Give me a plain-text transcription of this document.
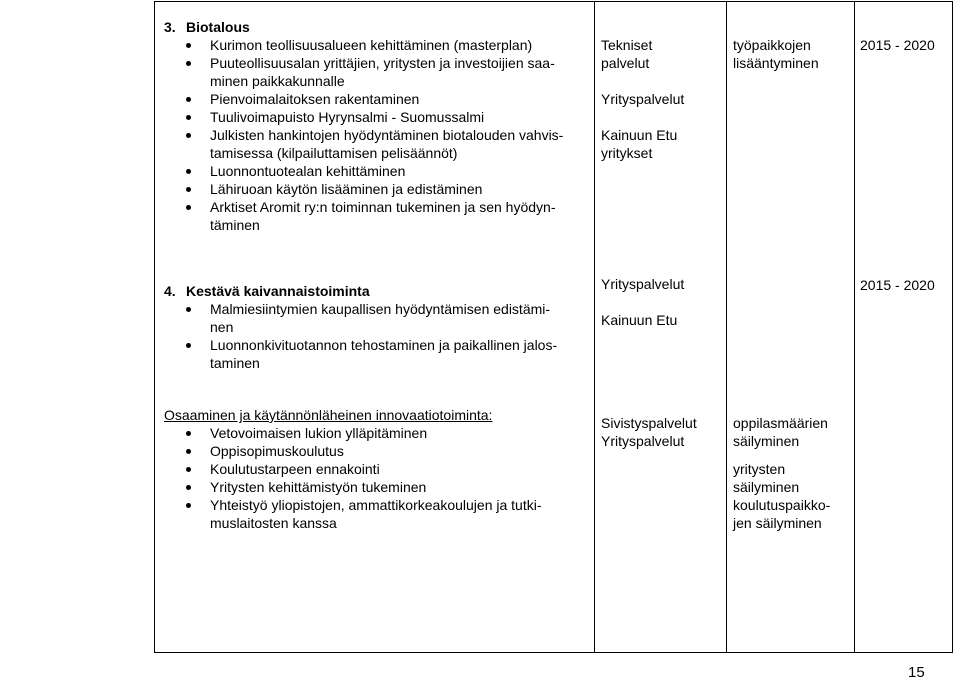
3. Biotalous
Kurimon teollisuusalueen kehittäminen (masterplan)
Puuteollisuusalan yrittäjien, yritysten ja investoijien saa-
minen paikkakunnalle
Pienvoimalaitoksen rakentaminen
Tuulivoimapuisto Hyrynsalmi - Suomussalmi
Julkisten hankintojen hyödyntäminen biotalouden vahvis-
tamisessa (kilpailuttamisen pelisäännöt)
Luonnontuotealan kehittäminen
Lähiruoan käytön lisääminen ja edistäminen
Arktiset Aromit ry:n toiminnan tukeminen ja sen hyödyn-
täminen
Tekniset
palvelut
Yrityspalvelut
Kainuun Etu
yritykset
työpaikkojen
lisääntyminen
2015 - 2020
4. Kestävä kaivannaistoiminta
Malmiesiintymien kaupallisen hyödyntämisen edistämi-
nen
Luonnonkivituotannon tehostaminen ja paikallinen jalos-
taminen
Yrityspalvelut
Kainuun Etu
2015 - 2020
Osaaminen ja käytännönläheinen innovaatiotoiminta:
Vetovoimaisen lukion ylläpitäminen
Oppisopimuskoulutus
Koulutustarpeen ennakointi
Yritysten kehittämistyön tukeminen
Yhteistyö yliopistojen, ammattikorkeakoulujen ja tutki-
muslaitosten kanssa
Sivistyspalvelut
Yrityspalvelut
oppilasmäärien
säilyminen
yritysten
säilyminen
koulutuspaikko-
jen säilyminen
15
